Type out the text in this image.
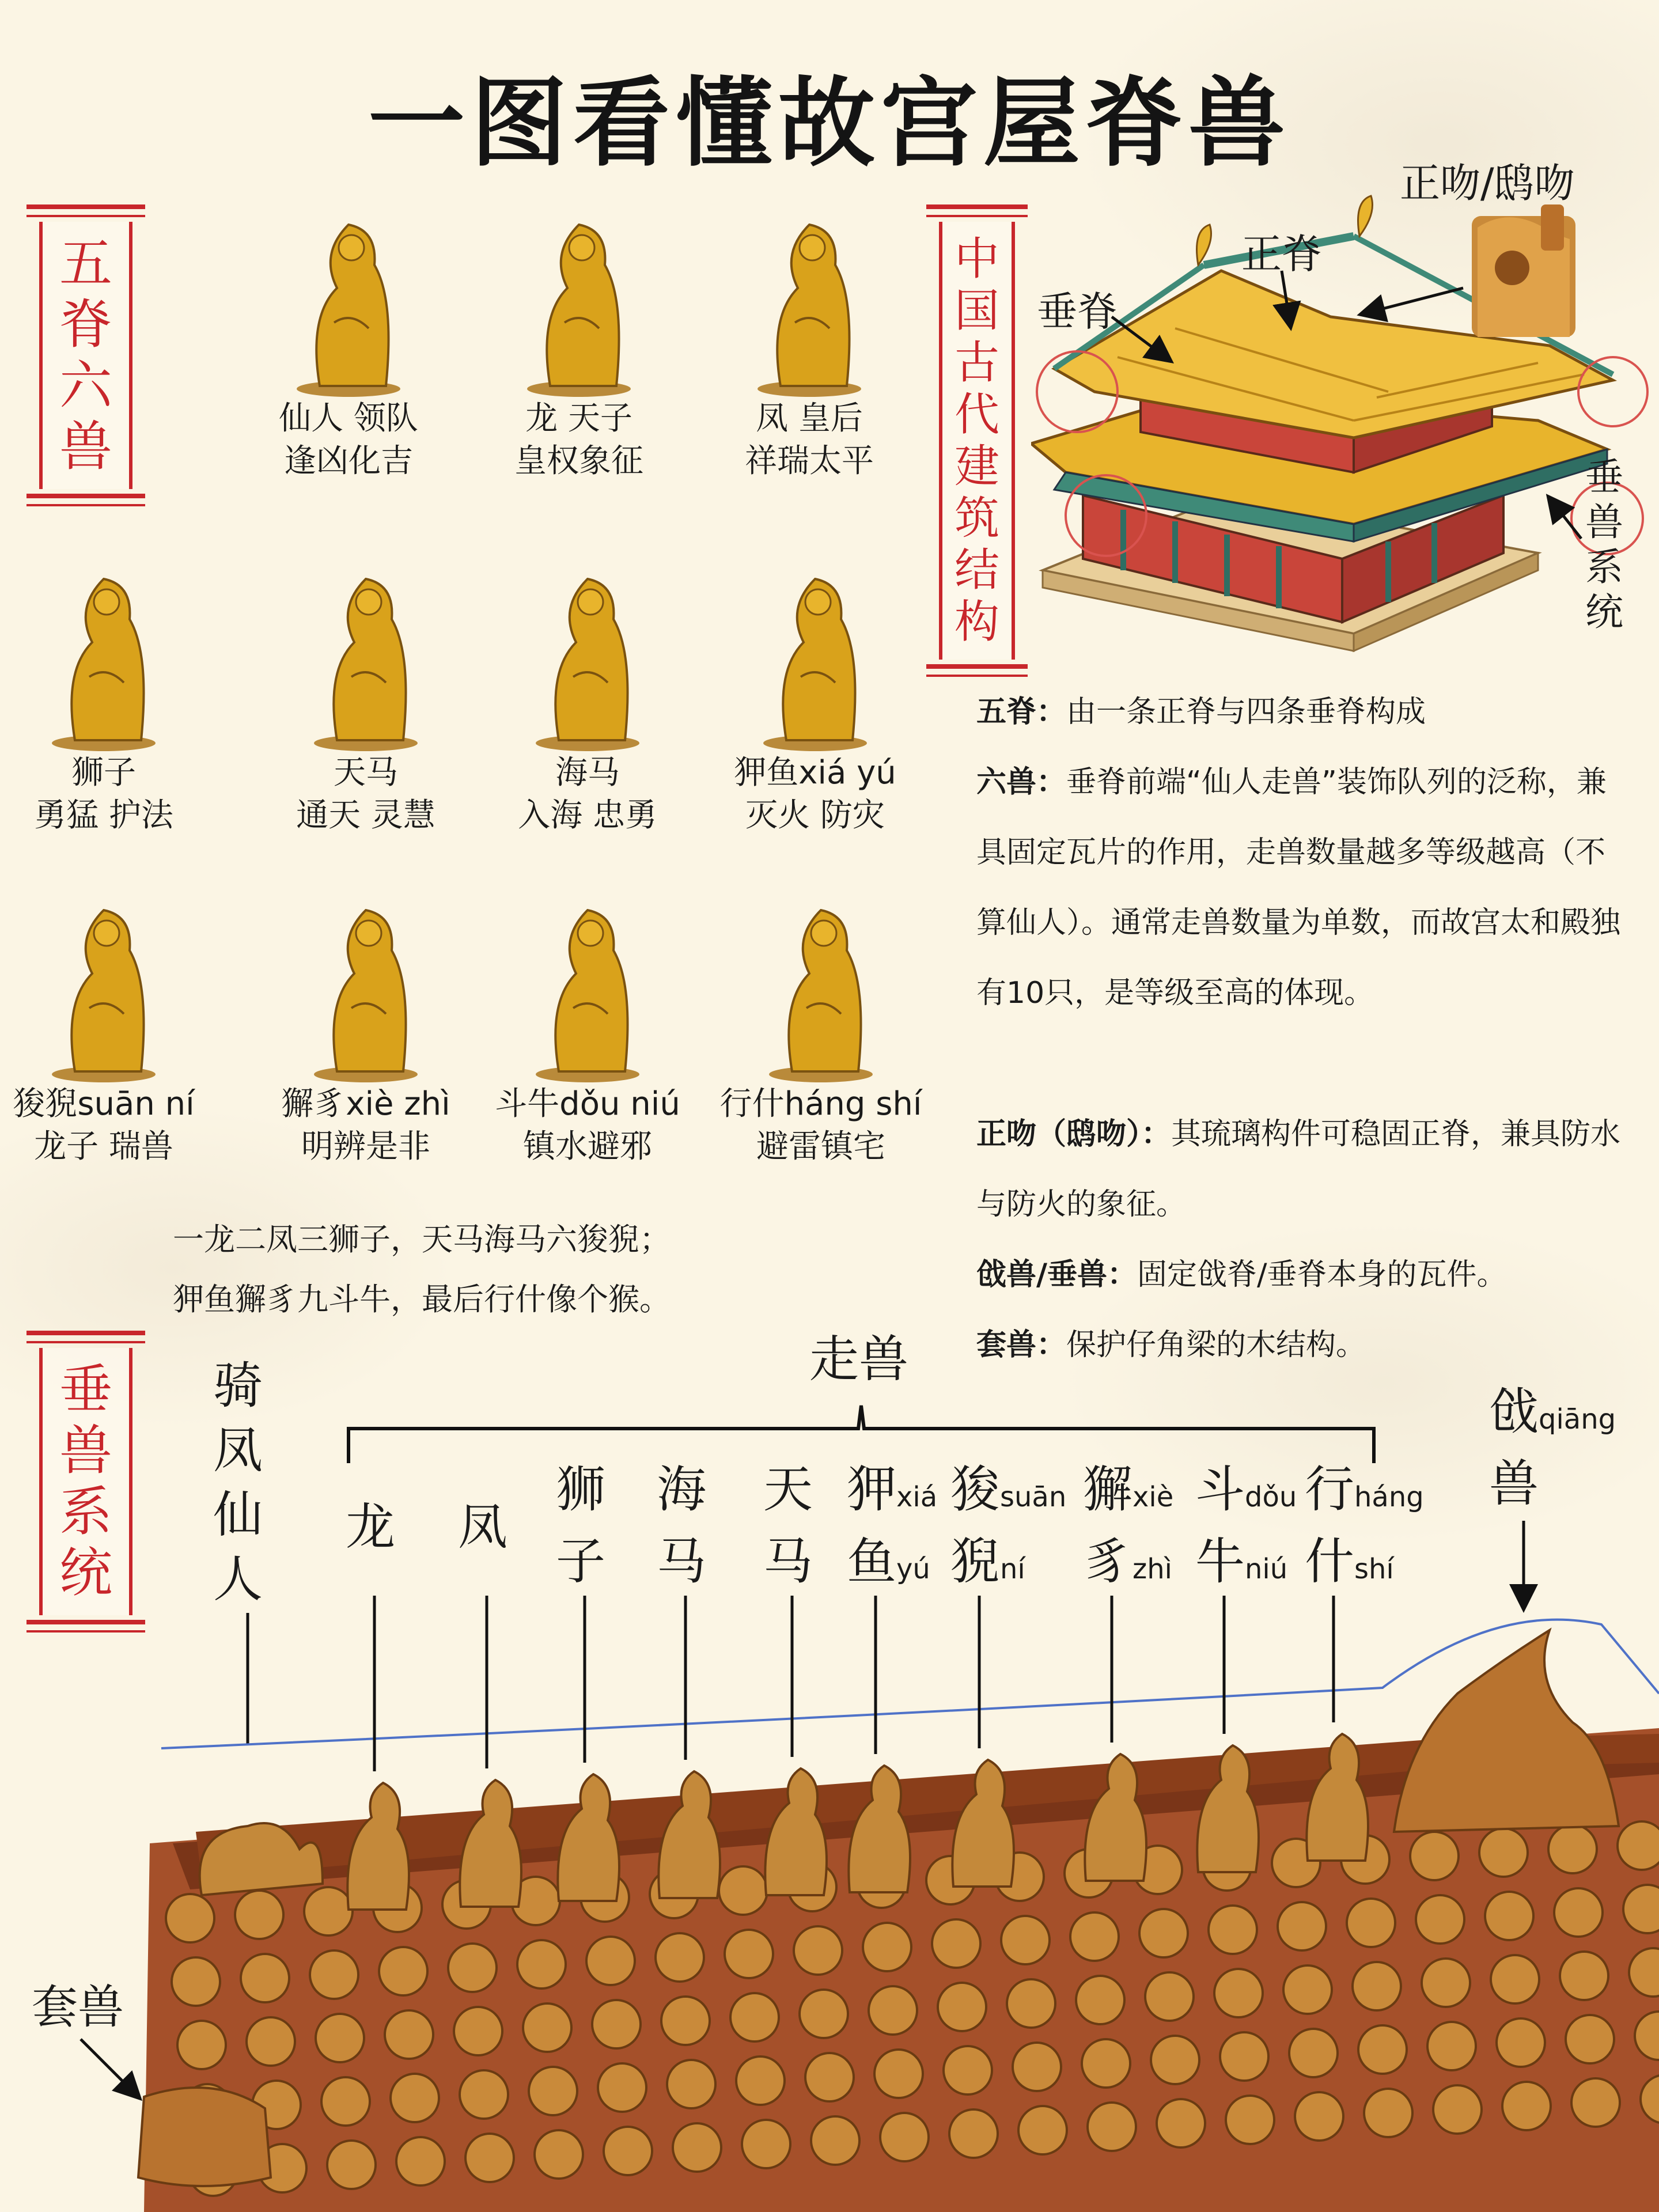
一图看懂故宫屋脊兽
五
脊
六
兽	仙人 领队
逢凶化吉
龙 天子
皇权象征
凤 皇后
祥瑞太平
狮子
勇猛 护法
天马
通天 灵慧
海马
入海 忠勇
狎鱼xiá yú
灭火 防灾
狻猊suān ní
龙子 瑞兽
獬豸xiè zhì
明辨是非
斗牛dǒu niú
镇水避邪
行什háng shí
避雷镇宅
一龙二凤三狮子，天马海马六狻猊；
狎鱼獬豸九斗牛，最后行什像个猴。
中
国
古
代
建
筑
结
构
正吻/鸱吻
正脊
垂脊
垂
兽
系
统
五脊：由一条正脊与四条垂脊构成
六兽：垂脊前端“仙人走兽”装饰队列的泛称，兼具固定瓦片的作用，走兽数量越多等级越高（不算仙人）。通常走兽数量为单数，而故宫太和殿独有10只，是等级至高的体现。
正吻（鸱吻）：其琉璃构件可稳固正脊，兼具防水与防火的象征。
戗兽/垂兽：固定戗脊/垂脊本身的瓦件。
套兽：保护仔角梁的木结构。
垂
兽
系
统
走兽
骑
凤
仙
人
戗qiāng
兽
套兽
龙 凤
狮
子
海
马
天
马
狎xiá
鱼yú
狻suān
猊ní
獬xiè
豸zhì
斗dǒu
牛niú
行háng
什shí
